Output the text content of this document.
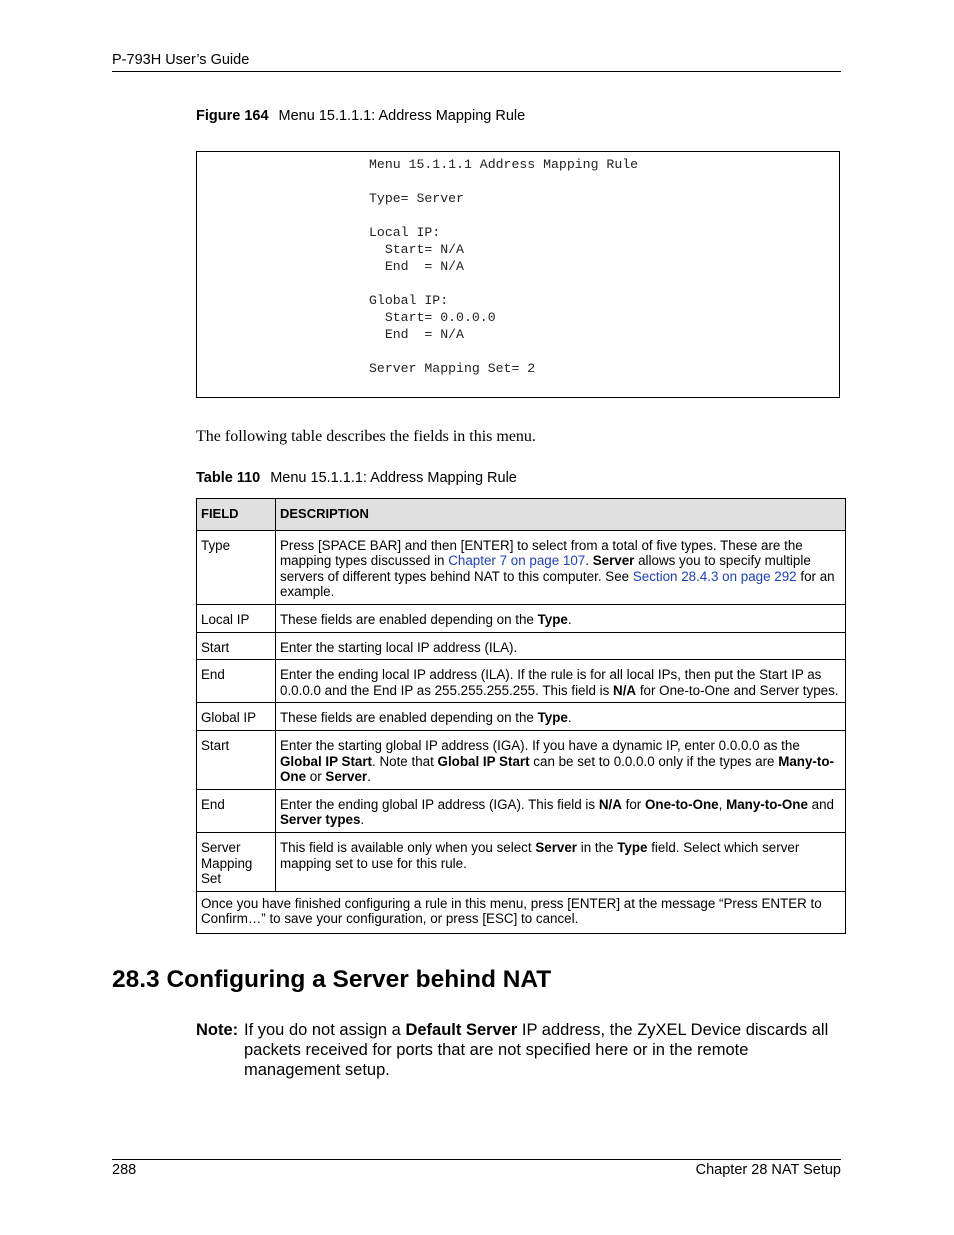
P-793H User’s Guide
Figure 164 Menu 15.1.1.1: Address Mapping Rule
Menu 15.1.1.1 Address Mapping Rule

Type= Server

Local IP:
Start= N/A
End  = N/A

Global IP:
Start= 0.0.0.0
End  = N/A

Server Mapping Set= 2
The following table describes the fields in this menu.
Table 110 Menu 15.1.1.1: Address Mapping Rule
FIELD	DESCRIPTION
Type	Press [SPACE BAR] and then [ENTER] to select from a total of five types. These are the mapping types discussed in Chapter 7 on page 107. Server allows you to specify multiple servers of different types behind NAT to this computer. See Section 28.4.3 on page 292 for an example.
Local IP	These fields are enabled depending on the Type.
Start	Enter the starting local IP address (ILA).
End	Enter the ending local IP address (ILA). If the rule is for all local IPs, then put the Start IP as 0.0.0.0 and the End IP as 255.255.255.255. This field is N/A for One-to-One and Server types.
Global IP	These fields are enabled depending on the Type.
Start	Enter the starting global IP address (IGA). If you have a dynamic IP, enter 0.0.0.0 as the Global IP Start. Note that Global IP Start can be set to 0.0.0.0 only if the types are Many-to-One or Server.
End	Enter the ending global IP address (IGA). This field is N/A for One-to-One, Many-to-One and Server types.
Server Mapping Set	This field is available only when you select Server in the Type field. Select which server mapping set to use for this rule.
Once you have finished configuring a rule in this menu, press [ENTER] at the message “Press ENTER to Confirm…” to save your configuration, or press [ESC] to cancel.	
28.3 Configuring a Server behind NAT
Note: If you do not assign a Default Server IP address, the ZyXEL Device discards all packets received for ports that are not specified here or in the remote management setup.
288	Chapter 28 NAT Setup
